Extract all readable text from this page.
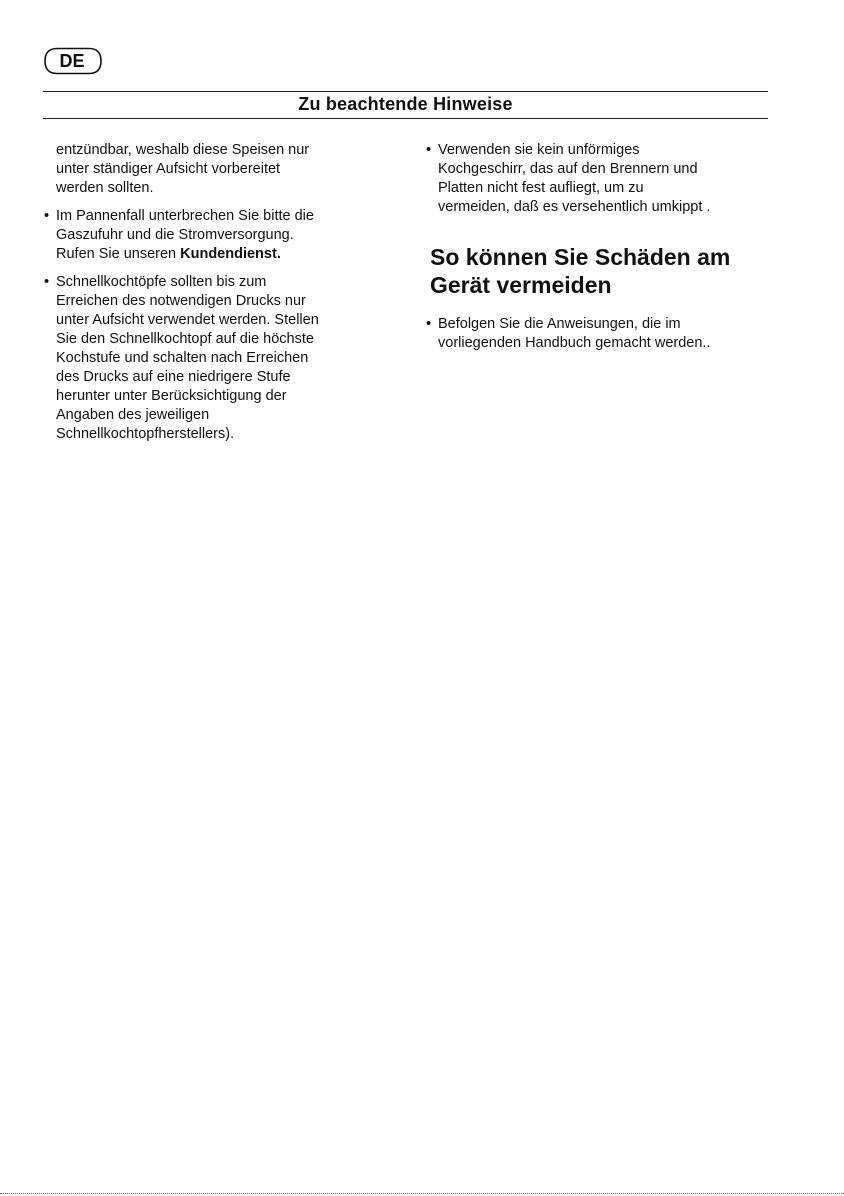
DE
Zu beachtende Hinweise
entzündbar, weshalb diese Speisen nur
unter ständiger Aufsicht vorbereitet
werden sollten.
• Im Pannenfall unterbrechen Sie bitte die
Gaszufuhr und die Stromversorgung.
Rufen Sie unseren Kundendienst.
• Schnellkochtöpfe sollten bis zum
Erreichen des notwendigen Drucks nur
unter Aufsicht verwendet werden. Stellen
Sie den Schnellkochtopf auf die höchste
Kochstufe und schalten nach Erreichen
des Drucks auf eine niedrigere Stufe
herunter unter Berücksichtigung der
Angaben des jeweiligen
Schnellkochtopfherstellers).
• Verwenden sie kein unförmiges
Kochgeschirr, das auf den Brennern und
Platten nicht fest aufliegt, um zu
vermeiden, daß es versehentlich umkippt .
So können Sie Schäden am
Gerät vermeiden
• Befolgen Sie die Anweisungen, die im
vorliegenden Handbuch gemacht werden..
